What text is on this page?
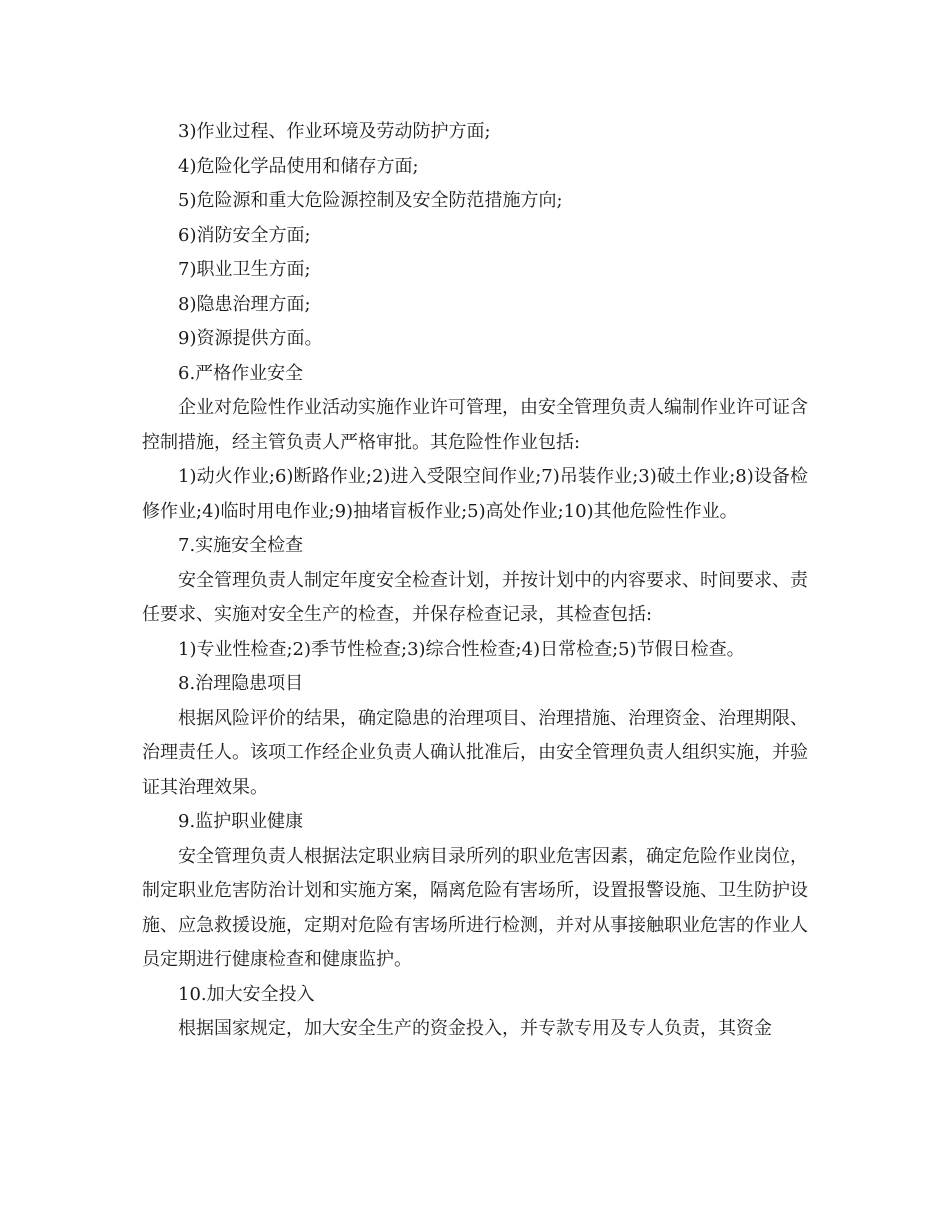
3)作业过程、作业环境及劳动防护方面;

4)危险化学品使用和储存方面;

5)危险源和重大危险源控制及安全防范措施方向;

6)消防安全方面;

7)职业卫生方面;

8)隐患治理方面;

9)资源提供方面。

6.严格作业安全

企业对危险性作业活动实施作业许可管理，由安全管理负责人编制作业许可证含控制措施，经主管负责人严格审批。其危险性作业包括:

1)动火作业;6)断路作业;2)进入受限空间作业;7)吊装作业;3)破土作业;8)设备检修作业;4)临时用电作业;9)抽堵盲板作业;5)高处作业;10)其他危险性作业。

7.实施安全检查

安全管理负责人制定年度安全检查计划，并按计划中的内容要求、时间要求、责任要求、实施对安全生产的检查，并保存检查记录，其检查包括:

1)专业性检查;2)季节性检查;3)综合性检查;4)日常检查;5)节假日检查。

8.治理隐患项目

根据风险评价的结果，确定隐患的治理项目、治理措施、治理资金、治理期限、治理责任人。该项工作经企业负责人确认批准后，由安全管理负责人组织实施，并验证其治理效果。

9.监护职业健康

安全管理负责人根据法定职业病目录所列的职业危害因素，确定危险作业岗位，制定职业危害防治计划和实施方案，隔离危险有害场所，设置报警设施、卫生防护设施、应急救援设施，定期对危险有害场所进行检测，并对从事接触职业危害的作业人员定期进行健康检查和健康监护。

10.加大安全投入

根据国家规定，加大安全生产的资金投入，并专款专用及专人负责，其资金
